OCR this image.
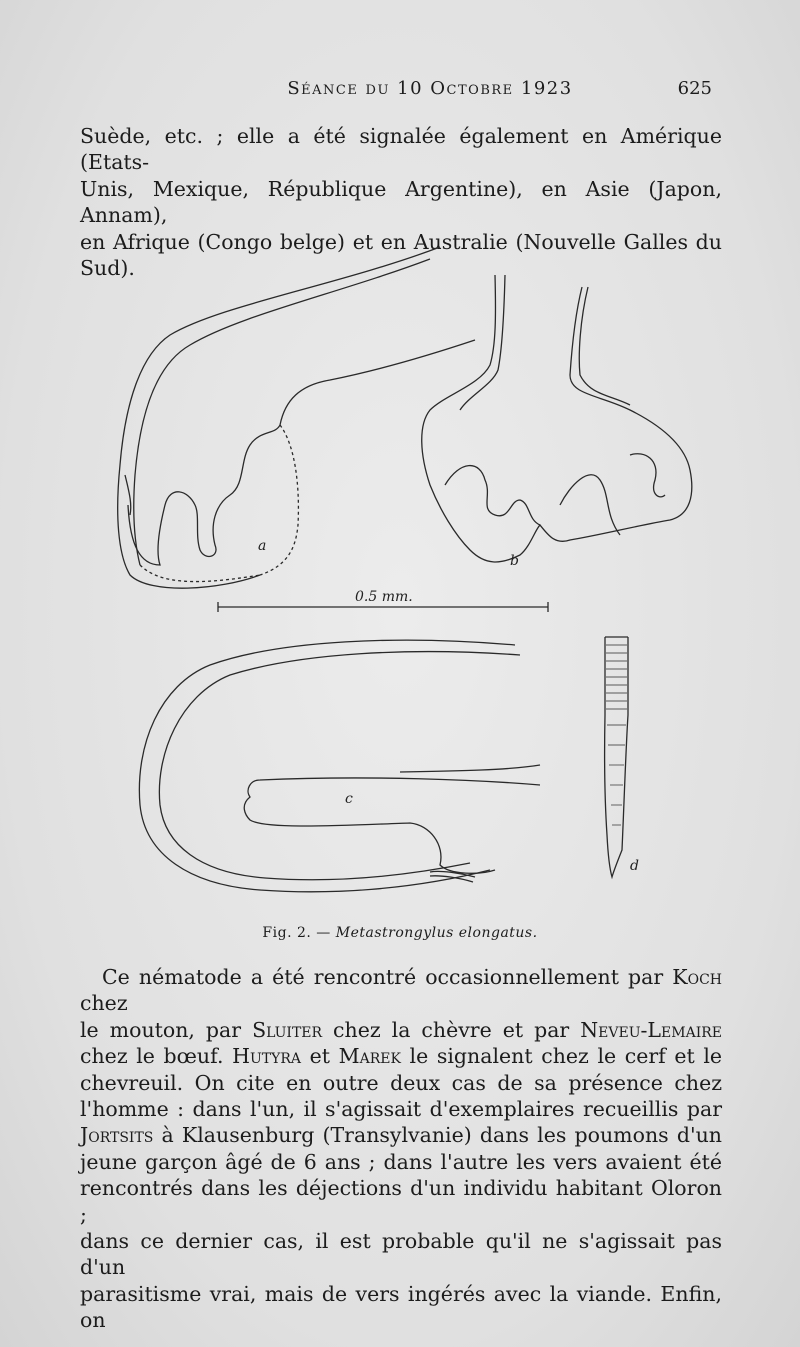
Séance du 10 Octobre 1923	625

Suède, etc. ; elle a été signalée également en Amérique (Etats-
Unis, Mexique, République Argentine), en Asie (Japon, Annam),
en Afrique (Congo belge) et en Australie (Nouvelle Galles du
Sud).

a
b
0.5 mm.
c
d
Fig. 2. — Metastrongylus elongatus.

Ce nématode a été rencontré occasionnellement par Koch chez
le mouton, par Sluiter chez la chèvre et par Neveu-Lemaire
chez le bœuf. Hutyra et Marek le signalent chez le cerf et le
chevreuil. On cite en outre deux cas de sa présence chez
l'homme : dans l'un, il s'agissait d'exemplaires recueillis par
Jortsits à Klausenburg (Transylvanie) dans les poumons d'un
jeune garçon âgé de 6 ans ; dans l'autre les vers avaient été
rencontrés dans les déjections d'un individu habitant Oloron ;
dans ce dernier cas, il est probable qu'il ne s'agissait pas d'un
parasitisme vrai, mais de vers ingérés avec la viande. Enfin, on
